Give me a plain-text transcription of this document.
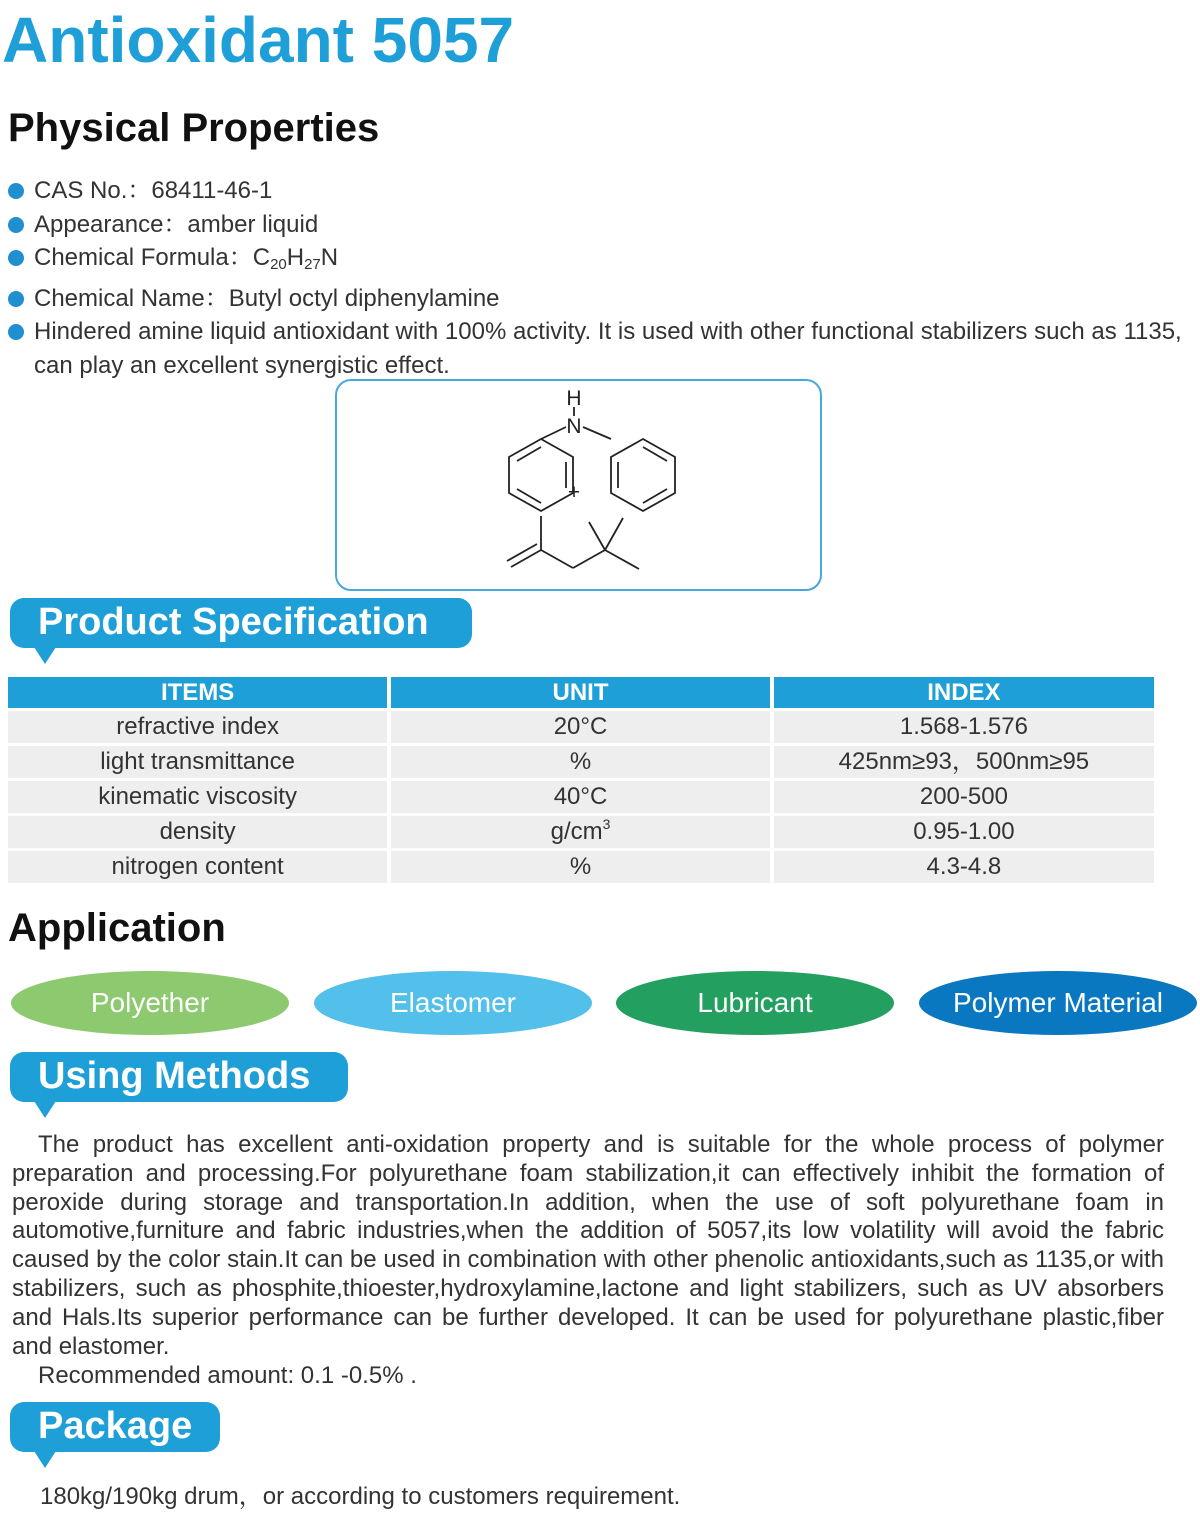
Antioxidant 5057
Physical Properties
CAS No.：68411-46-1
Appearance：amber liquid
Chemical Formula：$C_{20}H_{27}N$
Chemical Name：Butyl octyl diphenylamine
Hindered amine liquid antioxidant with 100% activity. It is used with other functional stabilizers such as 1135, can play an excellent synergistic effect.
H
N
+
Product Specification
ITEMS	UNIT	INDEX
refractive index	20°C	1.568-1.576
light transmittance	%	425nm≥93，500nm≥95
kinematic viscosity	40°C	200-500
density	$g/cm^3$	0.95-1.00
nitrogen content	%	4.3-4.8
Application
Polyether	Elastomer	Lubricant	Polymer Material
Using Methods

The product has excellent anti-oxidation property and is suitable for the whole process of polymer preparation and processing.For polyurethane foam stabilization,it can effectively inhibit the formation of peroxide during storage and transportation.In addition, when the use of soft polyurethane foam in automotive,furniture and fabric industries,when the addition of 5057,its low volatility will avoid the fabric caused by the color stain.It can be used in combination with other phenolic antioxidants,such as 1135,or with stabilizers, such as phosphite,thioester,hydroxylamine,lactone and light stabilizers, such as UV absorbers and Hals.Its superior performance can be further developed. It can be used for polyurethane plastic,fiber and elastomer.

Recommended amount: 0.1 -0.5% .
Package
180kg/190kg drum，or according to customers requirement.
